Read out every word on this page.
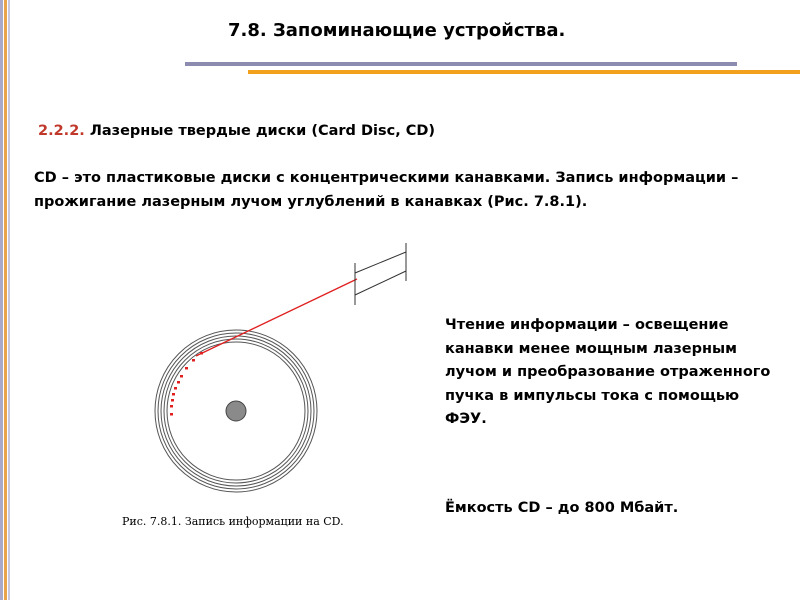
7.8. Запоминающие устройства.
2.2.2. Лазерные твердые диски (Card Disc, CD)
CD – это пластиковые диски с концентрическими канавками. Запись информации – прожигание лазерным лучом углублений в канавках (Рис. 7.8.1).
Рис. 7.8.1. Запись информации на CD.
Чтение информации – освещение канавки менее мощным лазерным лучом и преобразование отраженного пучка в импульсы тока с помощью ФЭУ.
Ёмкость CD – до 800 Мбайт.
